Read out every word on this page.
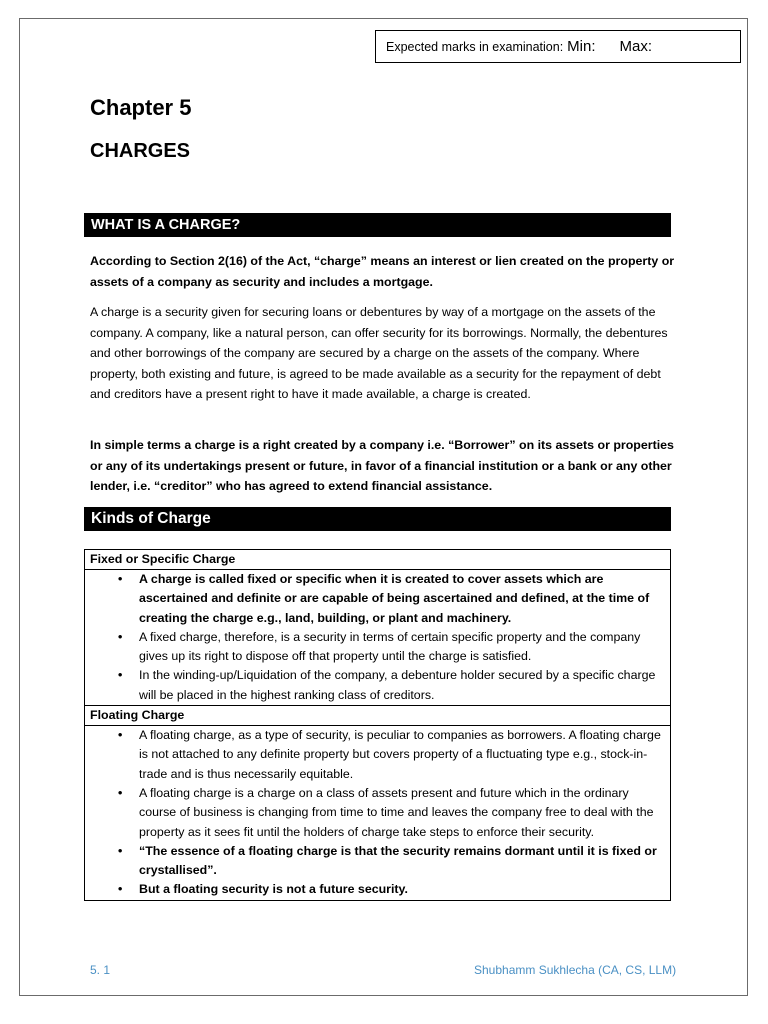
Expected marks in examination: Min: Max:
Chapter 5
CHARGES
WHAT IS A CHARGE?

According to Section 2(16) of the Act, “charge” means an interest or lien created on the property or assets of a company as security and includes a mortgage.

A charge is a security given for securing loans or debentures by way of a mortgage on the assets of the company. A company, like a natural person, can offer security for its borrowings. Normally, the debentures and other borrowings of the company are secured by a charge on the assets of the company. Where property, both existing and future, is agreed to be made available as a security for the repayment of debt and creditors have a present right to have it made available, a charge is created.

In simple terms a charge is a right created by a company i.e. “Borrower” on its assets or properties or any of its undertakings present or future, in favor of a financial institution or a bank or any other lender, i.e. “creditor” who has agreed to extend financial assistance.

Kinds of Charge
Fixed or Specific Charge

• A charge is called fixed or specific when it is created to cover assets which are ascertained and definite or are capable of being ascertained and defined, at the time of creating the charge e.g., land, building, or plant and machinery.
• A fixed charge, therefore, is a security in terms of certain specific property and the company gives up its right to dispose off that property until the charge is satisfied.
• In the winding-up/Liquidation of the company, a debenture holder secured by a specific charge will be placed in the highest ranking class of creditors.

Floating Charge

• A floating charge, as a type of security, is peculiar to companies as borrowers. A floating charge is not attached to any definite property but covers property of a fluctuating type e.g., stock-in-trade and is thus necessarily equitable.
• A floating charge is a charge on a class of assets present and future which in the ordinary course of business is changing from time to time and leaves the company free to deal with the property as it sees fit until the holders of charge take steps to enforce their security.
• “The essence of a floating charge is that the security remains dormant until it is fixed or crystallised”.
• But a floating security is not a future security.
5. 1	Shubhamm Sukhlecha (CA, CS, LLM)
